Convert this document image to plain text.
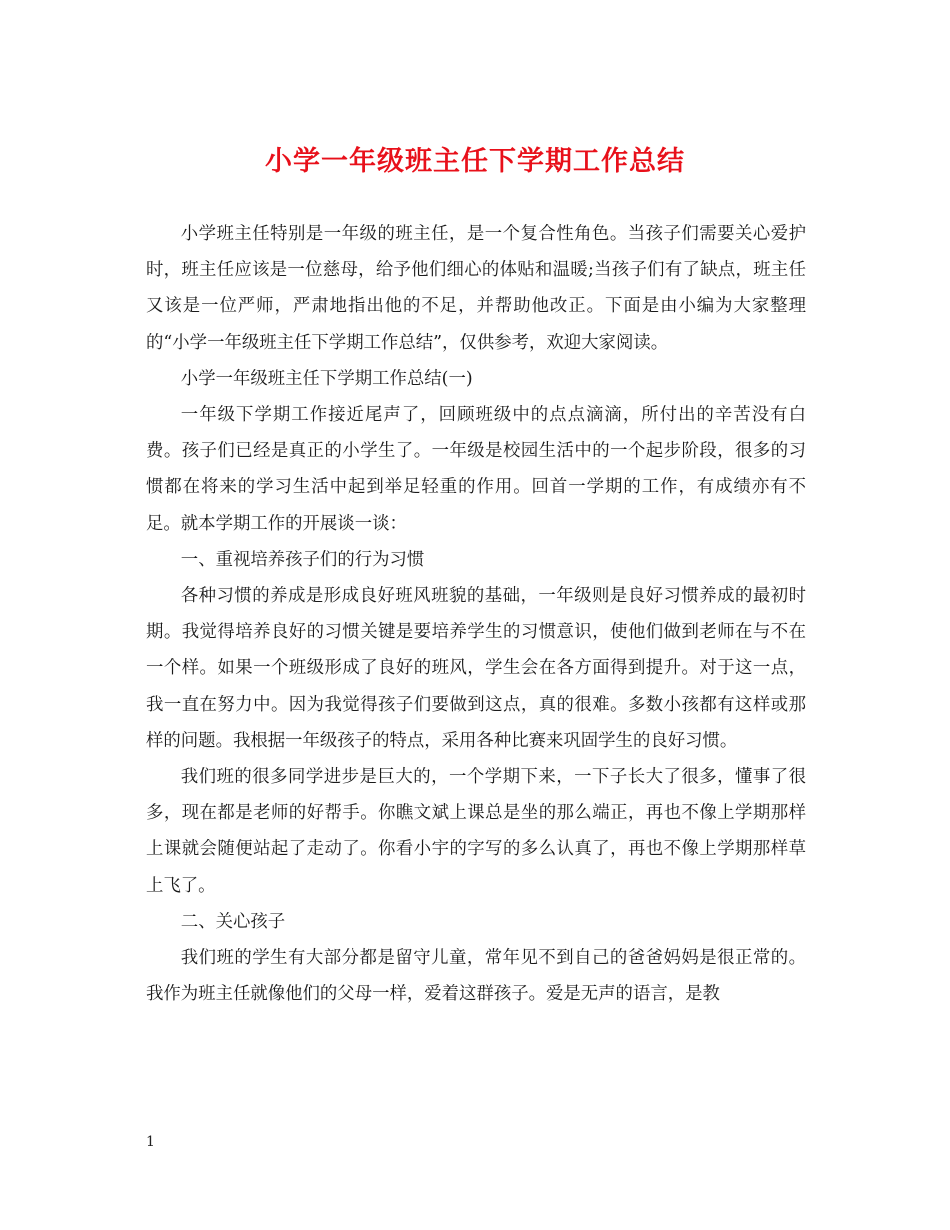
小学一年级班主任下学期工作总结

小学班主任特别是一年级的班主任，是一个复合性角色。当孩子们需要关心爱护时，班主任应该是一位慈母，给予他们细心的体贴和温暖;当孩子们有了缺点，班主任又该是一位严师，严肃地指出他的不足，并帮助他改正。下面是由小编为大家整理的“小学一年级班主任下学期工作总结”，仅供参考，欢迎大家阅读。

小学一年级班主任下学期工作总结(一)

一年级下学期工作接近尾声了，回顾班级中的点点滴滴，所付出的辛苦没有白费。孩子们已经是真正的小学生了。一年级是校园生活中的一个起步阶段，很多的习惯都在将来的学习生活中起到举足轻重的作用。回首一学期的工作，有成绩亦有不足。就本学期工作的开展谈一谈：

一、重视培养孩子们的行为习惯

各种习惯的养成是形成良好班风班貌的基础，一年级则是良好习惯养成的最初时期。我觉得培养良好的习惯关键是要培养学生的习惯意识，使他们做到老师在与不在一个样。如果一个班级形成了良好的班风，学生会在各方面得到提升。对于这一点，我一直在努力中。因为我觉得孩子们要做到这点，真的很难。多数小孩都有这样或那样的问题。我根据一年级孩子的特点，采用各种比赛来巩固学生的良好习惯。

我们班的很多同学进步是巨大的，一个学期下来，一下子长大了很多，懂事了很多，现在都是老师的好帮手。你瞧文斌上课总是坐的那么端正，再也不像上学期那样上课就会随便站起了走动了。你看小宇的字写的多么认真了，再也不像上学期那样草上飞了。

二、关心孩子

我们班的学生有大部分都是留守儿童，常年见不到自己的爸爸妈妈是很正常的。我作为班主任就像他们的父母一样，爱着这群孩子。爱是无声的语言，是教

1
